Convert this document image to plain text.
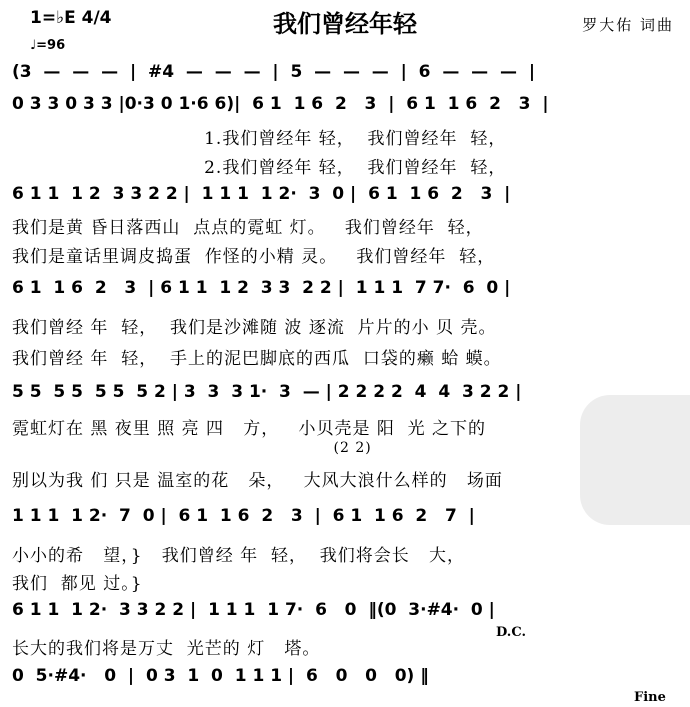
1=♭E 4/4
♩=96
我们曾经年轻	罗大佑 词曲
(3  —  —  —  |  #4  —  —  —  |  5  —  —  —  |  6  —  —  —  |
0 3 3 0 3 3 |0·3 0 1·6 6)|  6 1  1 6  2   3  |  6 1  1 6  2   3  |
1.我们曾经年 轻，  我们曾经年  轻，
2.我们曾经年 轻，  我们曾经年  轻，
6 1 1  1 2  3 3 2 2 |  1 1 1  1 2·  3  0 |  6 1  1 6  2   3  |
我们是黄 昏日落西山  点点的霓虹 灯。   我们曾经年  轻，
我们是童话里调皮捣蛋  作怪的小精 灵。   我们曾经年  轻，
6 1  1 6  2   3  | 6 1 1  1 2  3 3  2 2 |  1 1 1  7 7·  6  0 |
我们曾经 年  轻，  我们是沙滩随 波 逐流  片片的小 贝 壳。
我们曾经 年  轻，  手上的泥巴脚底的西瓜  口袋的癞 蛤 蟆。
5 5  5 5  5 5  5 2 | 3  3  3 1·  3  — | 2 2 2 2  4  4  3 2 2 |
霓虹灯在 黑 夜里 照 亮 四   方，   小贝壳是 阳  光 之下的
(2 2)
别以为我 们 只是 温室的花   朵，   大风大浪什么样的   场面
1 1 1  1 2·  7  0 |  6 1  1 6  2   3  |  6 1  1 6  2   7  |
小小的希   望，}   我们曾经 年  轻，  我们将会长   大，
我们  都见 过。}
6 1 1  1 2·  3 3 2 2 |  1 1 1  1 7·  6   0  ‖(0  3·#4·  0 |
D.C.
长大的我们将是万丈  光芒的 灯   塔。
0  5·#4·   0  |  0 3  1  0  1 1 1 |  6   0   0   0) ‖
Fine
